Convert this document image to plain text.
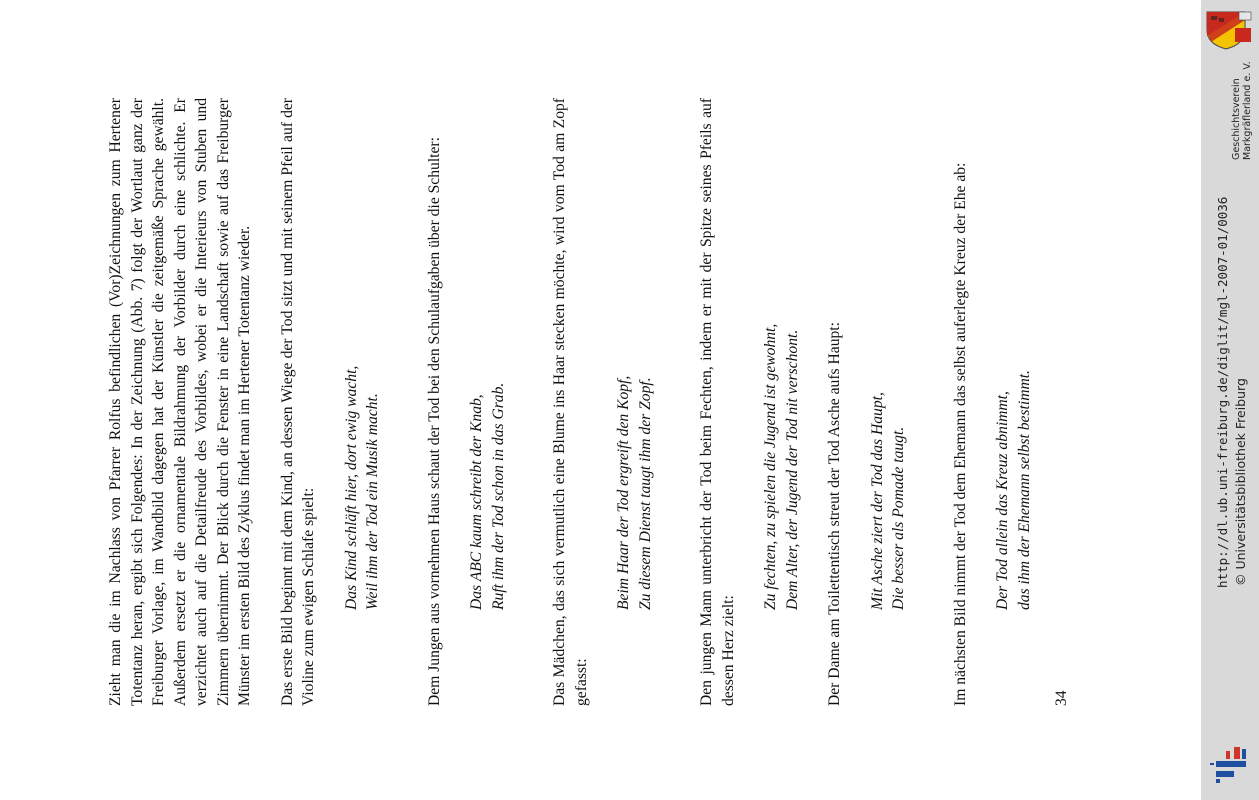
Zieht man die im Nachlass von Pfarrer Rolfus befindlichen (Vor)Zeichnungen zum Hertener Totentanz heran, ergibt sich Folgendes: In der Zeichnung (Abb. 7) folgt der Wortlaut ganz der Freiburger Vorlage, im Wandbild dagegen hat der Künstler die zeitgemäße Sprache gewählt. Außerdem ersetzt er die ornamentale Bildrahmung der Vorbilder durch eine schlichte. Er verzichtet auch auf die Detailfreude des Vorbildes, wobei er die Interieurs von Stuben und Zimmern übernimmt. Der Blick durch die Fenster in eine Landschaft sowie auf das Freiburger Münster im ersten Bild des Zyklus findet man im Hertener Totentanz wieder. Das erste Bild beginnt mit dem Kind, an dessen Wiege der Tod sitzt und mit seinem Pfeil auf der Violine zum ewigen Schlafe spielt: Das Kind schläft hier, dort ewig wacht, Weil ihm der Tod ein Musik macht.	Dem Jungen aus vornehmen Haus schaut der Tod bei den Schulaufgaben über die Schulter: Das ABC kaum schreibt der Knab, Ruft ihm der Tod schon in das Grab.	Das Mädchen, das sich vermutlich eine Blume ins Haar stecken möchte, wird vom Tod am Zopf gefasst:

Beim Haar der Tod ergreift den Kopf, Zu diesem Dienst taugt ihm der Zopf.	Den jungen Mann unterbricht der Tod beim Fechten, indem er mit der Spitze seines Pfeils auf dessen Herz zielt:

Zu fechten, zu spielen die Jugend ist gewohnt, Dem Alter, der Jugend der Tod nit verschont. Der Dame am Toilettentisch streut der Tod Asche aufs Haupt: Mit Asche ziert der Tod das Haupt, Die besser als Pomade taugt.	Im nächsten Bild nimmt der Tod dem Ehemann das selbst auferlegte Kreuz der Ehe ab: Der Tod allein das Kreuz abnimmt, das ihm der Ehemann selbst bestimmt.
34
http://dl.ub.uni-freiburg.de/diglit/mgl-2007-01/0036 © Universitätsbibliothek Freiburg
Geschichtsverein Markgräflerland e. V.
